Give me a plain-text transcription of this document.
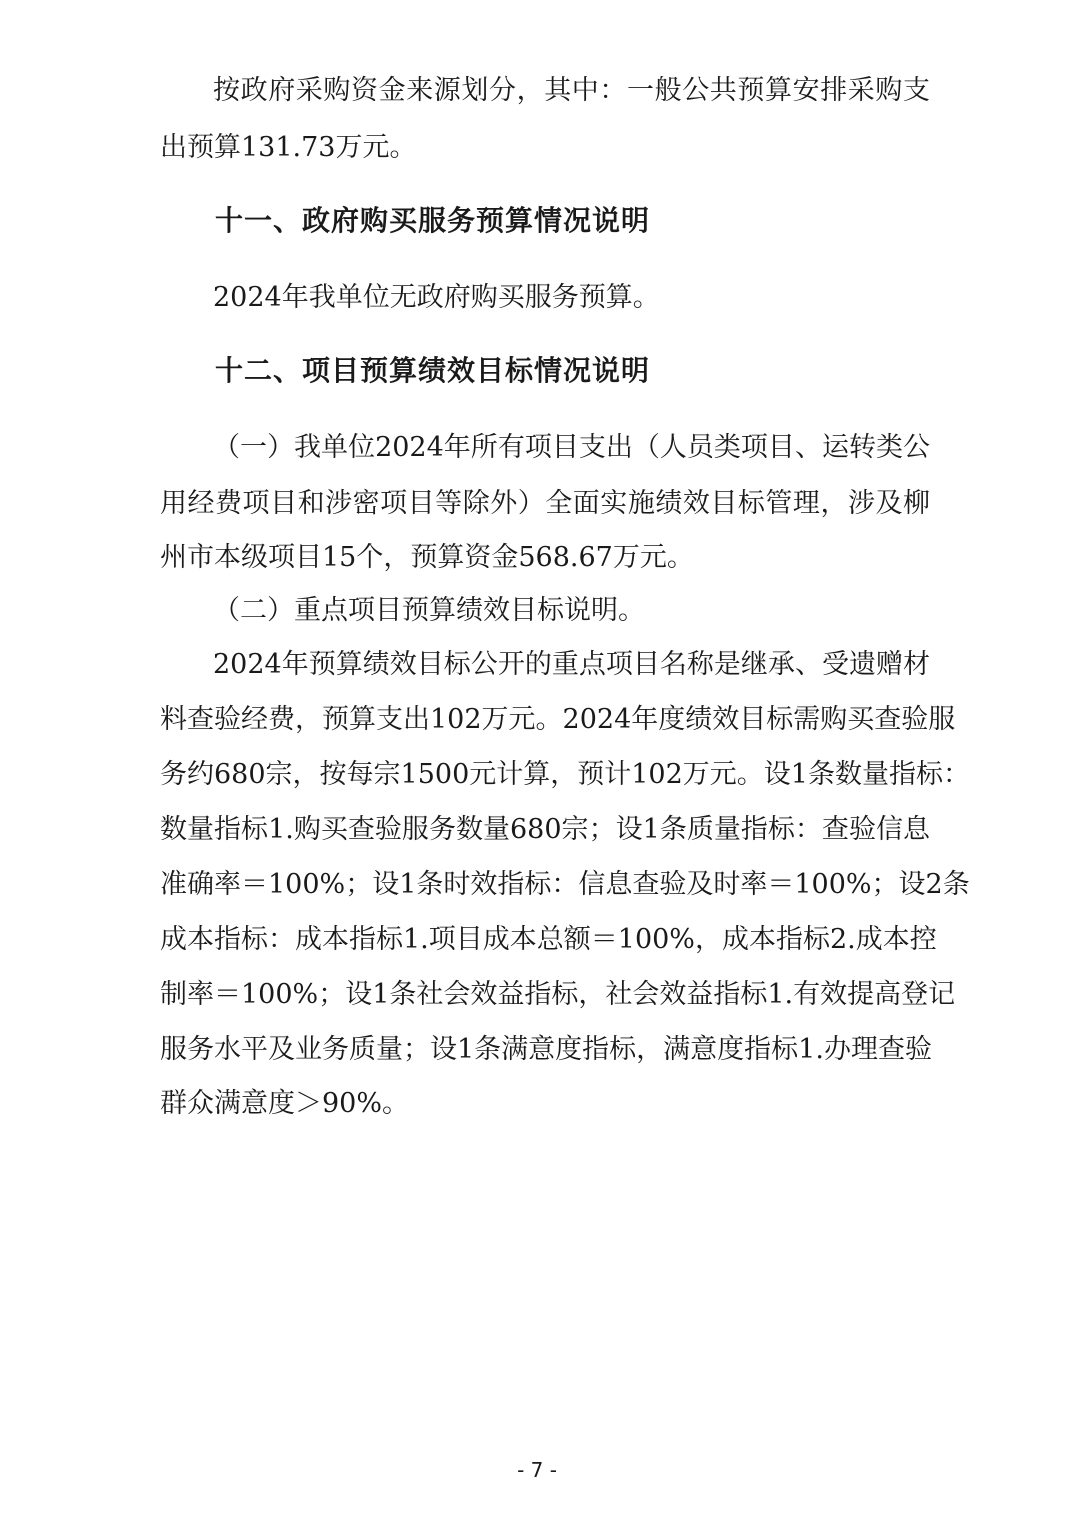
按政府采购资金来源划分，其中：一般公共预算安排采购支
出预算131.73万元。
十一、政府购买服务预算情况说明
2024年我单位无政府购买服务预算。
十二、项目预算绩效目标情况说明
（一）我单位2024年所有项目支出（人员类项目、运转类公
用经费项目和涉密项目等除外）全面实施绩效目标管理，涉及柳
州市本级项目15个，预算资金568.67万元。
（二）重点项目预算绩效目标说明。
2024年预算绩效目标公开的重点项目名称是继承、受遗赠材
料查验经费，预算支出102万元。2024年度绩效目标需购买查验服
务约680宗，按每宗1500元计算，预计102万元。设1条数量指标：
数量指标1.购买查验服务数量680宗；设1条质量指标：查验信息
准确率＝100%；设1条时效指标：信息查验及时率＝100%；设2条
成本指标：成本指标1.项目成本总额＝100%，成本指标2.成本控
制率＝100%；设1条社会效益指标，社会效益指标1.有效提高登记
服务水平及业务质量；设1条满意度指标，满意度指标1.办理查验
群众满意度＞90%。
- 7 -
